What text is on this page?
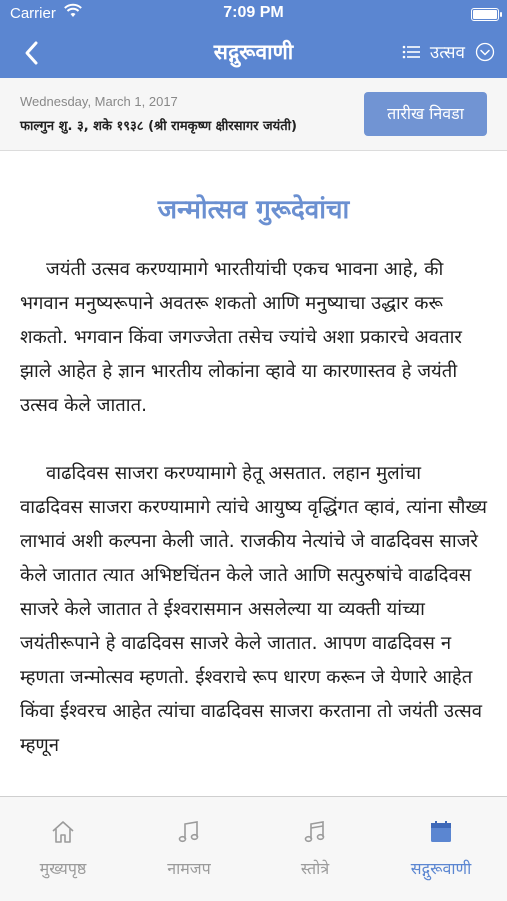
Carrier	7:09 PM
सद्गुरूवाणी	उत्सव
Wednesday, March 1, 2017
फाल्गुन शु. ३, शके १९३८ (श्री रामकृष्ण क्षीरसागर जयंती)
तारीख निवडा
जन्मोत्सव गुरूदेवांचा

जयंती उत्सव करण्यामागे भारतीयांची एकच भावना आहे, की भगवान मनुष्यरूपाने अवतरू शकतो आणि मनुष्याचा उद्धार करू शकतो. भगवान किंवा जगज्जेता तसेच ज्यांचे अशा प्रकारचे अवतार झाले आहेत हे ज्ञान भारतीय लोकांना व्हावे या कारणास्तव हे जयंती उत्सव केले जातात.

वाढदिवस साजरा करण्यामागे हेतू असतात. लहान मुलांचा वाढदिवस साजरा करण्यामागे त्यांचे आयुष्य वृद्धिंगत व्हावं, त्यांना सौख्य लाभावं अशी कल्पना केली जाते. राजकीय नेत्यांचे जे वाढदिवस साजरे केले जातात त्यात अभिष्टचिंतन केले जाते आणि सत्पुरुषांचे वाढदिवस साजरे केले जातात ते ईश्वरासमान असलेल्या या व्यक्ती यांच्या जयंतीरूपाने हे वाढदिवस साजरे केले जातात. आपण वाढदिवस न म्हणता जन्मोत्सव म्हणतो. ईश्वराचे रूप धारण करून जे येणारे आहेत किंवा ईश्वरच आहेत त्यांचा वाढदिवस साजरा करताना तो जयंती उत्सव म्हणून

मुख्यपृष्ठ	नामजप	स्तोत्रे	सद्गुरूवाणी
